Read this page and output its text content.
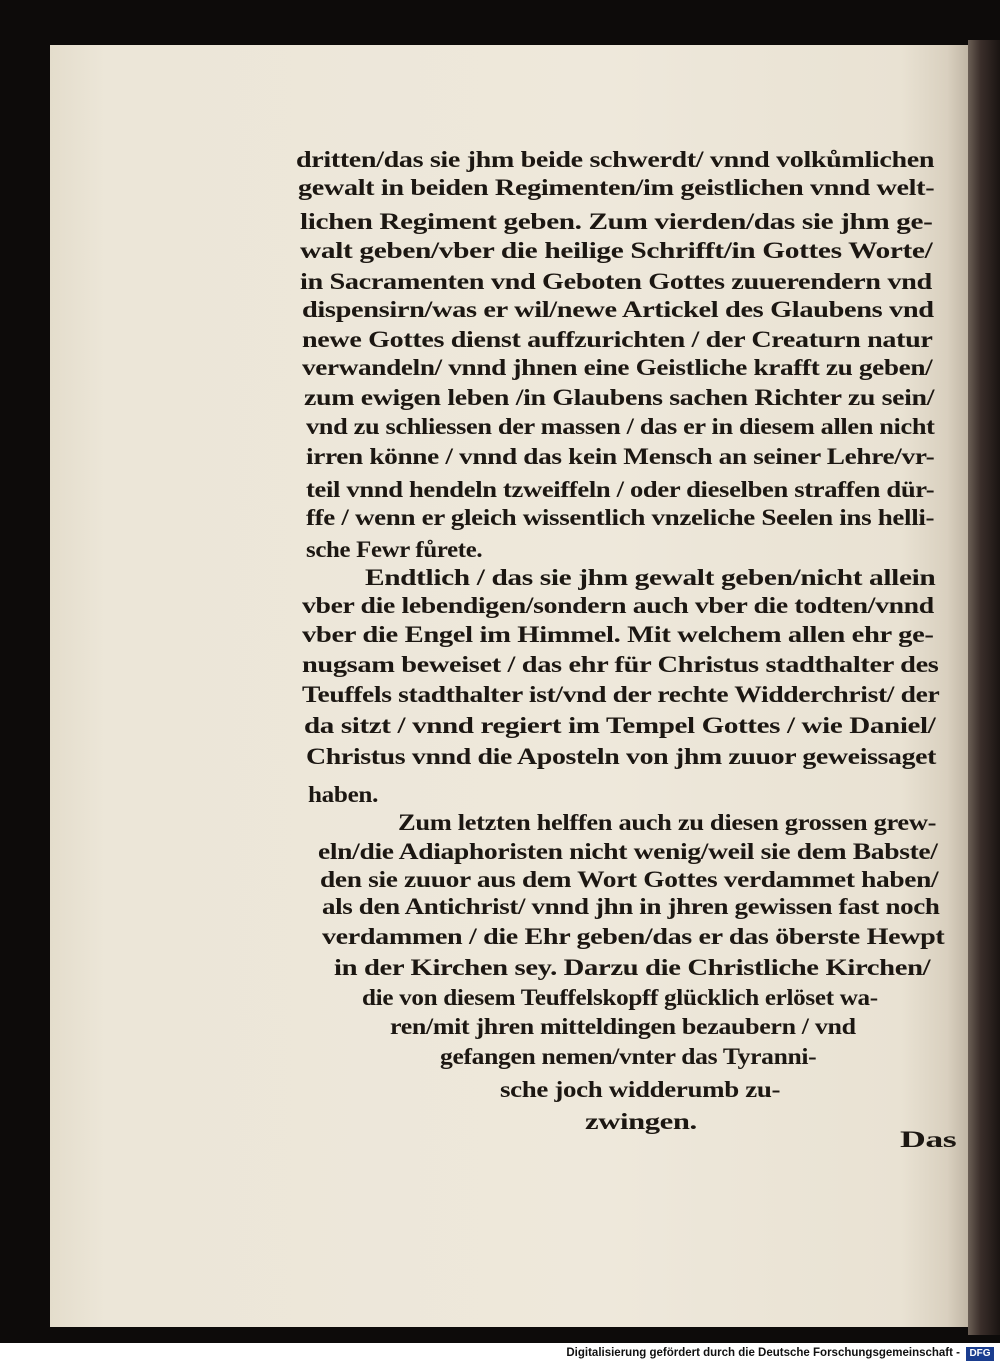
dritten/das sie jhm beide schwerdt/ vnnd volkůmlichen
gewalt in beiden Regimenten/im geistlichen vnnd welt-
lichen Regiment geben. Zum vierden/das sie jhm ge-
walt geben/vber die heilige Schrifft/in Gottes Worte/
in Sacramenten vnd Geboten Gottes zuuerendern vnd
dispensirn/was er wil/newe Artickel des Glaubens vnd
newe Gottes dienst auffzurichten / der Creaturn natur
verwandeln/ vnnd jhnen eine Geistliche krafft zu geben/
zum ewigen leben /in Glaubens sachen Richter zu sein/
vnd zu schliessen der massen / das er in diesem allen nicht
irren könne / vnnd das kein Mensch an seiner Lehre/vr-
teil vnnd hendeln tzweiffeln / oder dieselben straffen dür-
ffe / wenn er gleich wissentlich vnzeliche Seelen ins helli-
sche Fewr fůrete.
Endtlich / das sie jhm gewalt geben/nicht allein
vber die lebendigen/sondern auch vber die todten/vnnd
vber die Engel im Himmel. Mit welchem allen ehr ge-
nugsam beweiset / das ehr für Christus stadthalter des
Teuffels stadthalter ist/vnd der rechte Widderchrist/ der
da sitzt / vnnd regiert im Tempel Gottes / wie Daniel/
Christus vnnd die Aposteln von jhm zuuor geweissaget
haben.
Zum letzten helffen auch zu diesen grossen grew-
eln/die Adiaphoristen nicht wenig/weil sie dem Babste/
den sie zuuor aus dem Wort Gottes verdammet haben/
als den Antichrist/ vnnd jhn in jhren gewissen fast noch
verdammen / die Ehr geben/das er das öberste Hewpt
in der Kirchen sey. Darzu die Christliche Kirchen/
die von diesem Teuffelskopff glücklich erlöset wa-
ren/mit jhren mitteldingen bezaubern / vnd
gefangen nemen/vnter das Tyranni-
sche joch widderumb zu-
zwingen.
Das
Digitalisierung gefördert durch die Deutsche Forschungsgemeinschaft - DFG
